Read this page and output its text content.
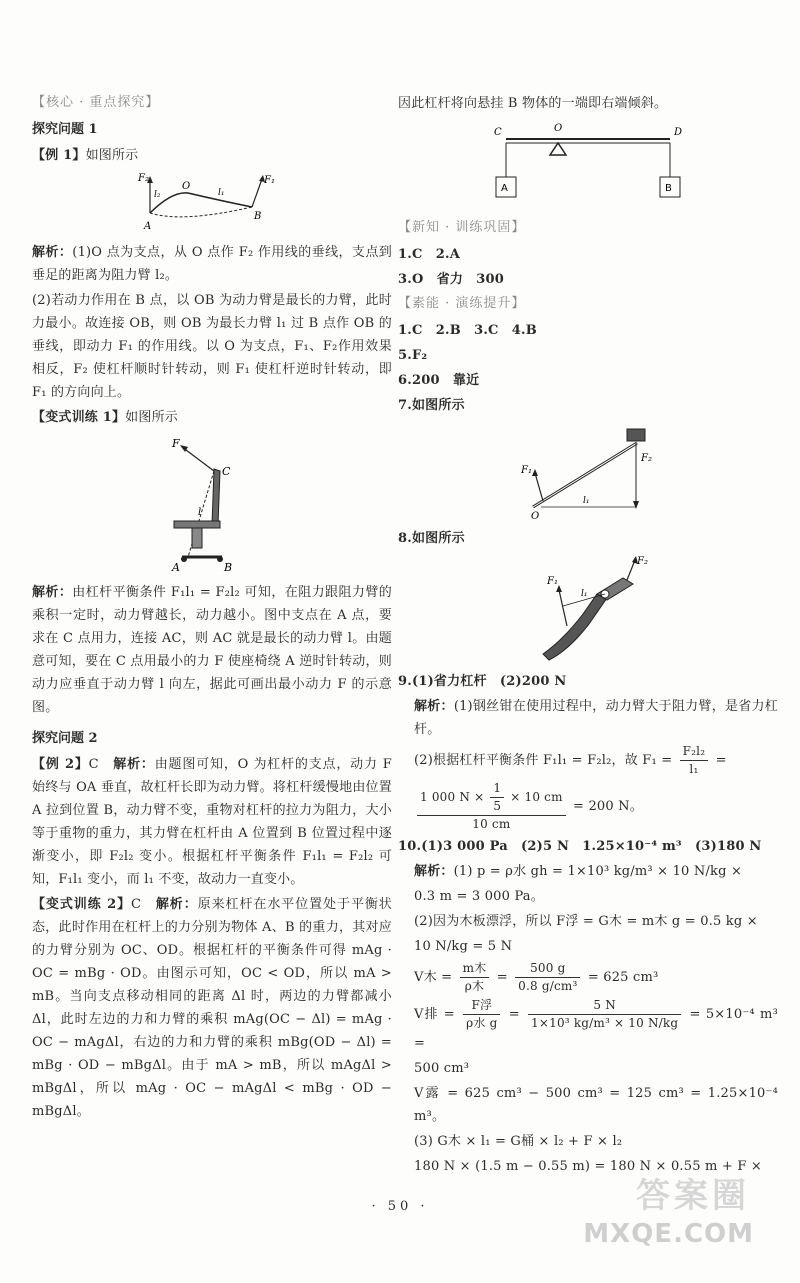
【核心 · 重点探究】
探究问题 1
【例 1】如图所示
F₂
l₂
O
l₁
F₁
A
B
解析：(1)O 点为支点，从 O 点作 F₂ 作用线的垂线，支点到垂足的距离为阻力臂 l₂。
(2)若动力作用在 B 点，以 OB 为动力臂是最长的力臂，此时力最小。故连接 OB，则 OB 为最长力臂 l₁ 过 B 点作 OB 的垂线，即动力 F₁ 的作用线。以 O 为支点，F₁、F₂作用效果相反，F₂ 使杠杆顺时针转动，则 F₁ 使杠杆逆时针转动，即 F₁ 的方向向上。
【变式训练 1】如图所示
F
C
l
A	B
解析：由杠杆平衡条件 F₁l₁ = F₂l₂ 可知，在阻力跟阻力臂的乘积一定时，动力臂越长，动力越小。图中支点在 A 点，要求在 C 点用力，连接 AC，则 AC 就是最长的动力臂 l。由题意可知，要在 C 点用最小的力 F 使座椅绕 A 逆时针转动，则动力应垂直于动力臂 l 向左，据此可画出最小动力 F 的示意图。
探究问题 2
【例 2】C　 解析：由题图可知，O 为杠杆的支点，动力 F 始终与 OA 垂直，故杠杆长即为动力臂。将杠杆缓慢地由位置 A 拉到位置 B，动力臂不变，重物对杠杆的拉力为阻力，大小等于重物的重力，其力臂在杠杆由 A 位置到 B 位置过程中逐渐变小，即 F₂l₂ 变小。根据杠杆平衡条件 F₁l₁ = F₂l₂ 可知，F₁l₁ 变小，而 l₁ 不变，故动力一直变小。
【变式训练 2】C　 解析：原来杠杆在水平位置处于平衡状态，此时作用在杠杆上的力分别为物体 A、B 的重力，其对应的力臂分别为 OC、OD。根据杠杆的平衡条件可得 mAg · OC = mBg · OD。由图示可知，OC < OD，所以 mA > mB。当向支点移动相同的距离 Δl 时，两边的力臂都减小 Δl，此时左边的力和力臂的乘积 mAg(OC − Δl) = mAg · OC − mAgΔl，右边的力和力臂的乘积 mBg(OD − Δl) = mBg · OD − mBgΔl。由于 mA > mB，所以 mAgΔl > mBgΔl，所以 mAg · OC − mAgΔl < mBg · OD − mBgΔl。
因此杠杆将向悬挂 B 物体的一端即右端倾斜。
C	O	D
A	B
【新知 · 训练巩固】
1.C　2.A
3.O　省力　300
【素能 · 演练提升】
1.C　2.B　3.C　4.B
5.F₂
6.200　靠近
7.如图所示
F₁
F₂
O
l₁
8.如图所示
F₁
F₂
l₁
9.(1)省力杠杆　(2)200 N
解析：(1)钢丝钳在使用过程中，动力臂大于阻力臂，是省力杠杆。
(2)根据杠杆平衡条件 F₁l₁ = F₂l₂，故 $F_1 = \frac{\text{F₂l₂}}{\text{l₁}}$ =
$\frac{1 000 N \times \frac{1}{5} \times 10 cm}{10 cm} = 200$ N。
10.(1)3 000 Pa　(2)5 N　1.25×10⁻⁴ m³　(3)180 N
解析：(1) p = ρ水 gh = 1×10³ kg/m³ × 10 N/kg ×
0.3 m = 3 000 Pa。
(2)因为木板漂浮，所以 F浮 = G木 = m木 g = 0.5 kg ×
10 N/kg = 5 N
V木 = $\frac{\text{m木}}{\text{ρ木}} = \frac{500 g}{\text{0.8 g/cm³}} = 625$ cm³
V排 = $\frac{\text{F浮}}{\text{ρ水 g}} = \frac{5 N}{\text{1×10³ kg/m³ × 10 N/kg}} = 5\times 10^{-4}$ m³ =
500 cm³
V露 = 625 cm³ − 500 cm³ = 125 cm³ = 1.25×10⁻⁴ m³。
(3) G木 × l₁ = G桶 × l₂ + F × l₂
180 N × (1.5 m − 0.55 m) = 180 N × 0.55 m + F ×
· 50 ·	答案圈
MXQE.COM
